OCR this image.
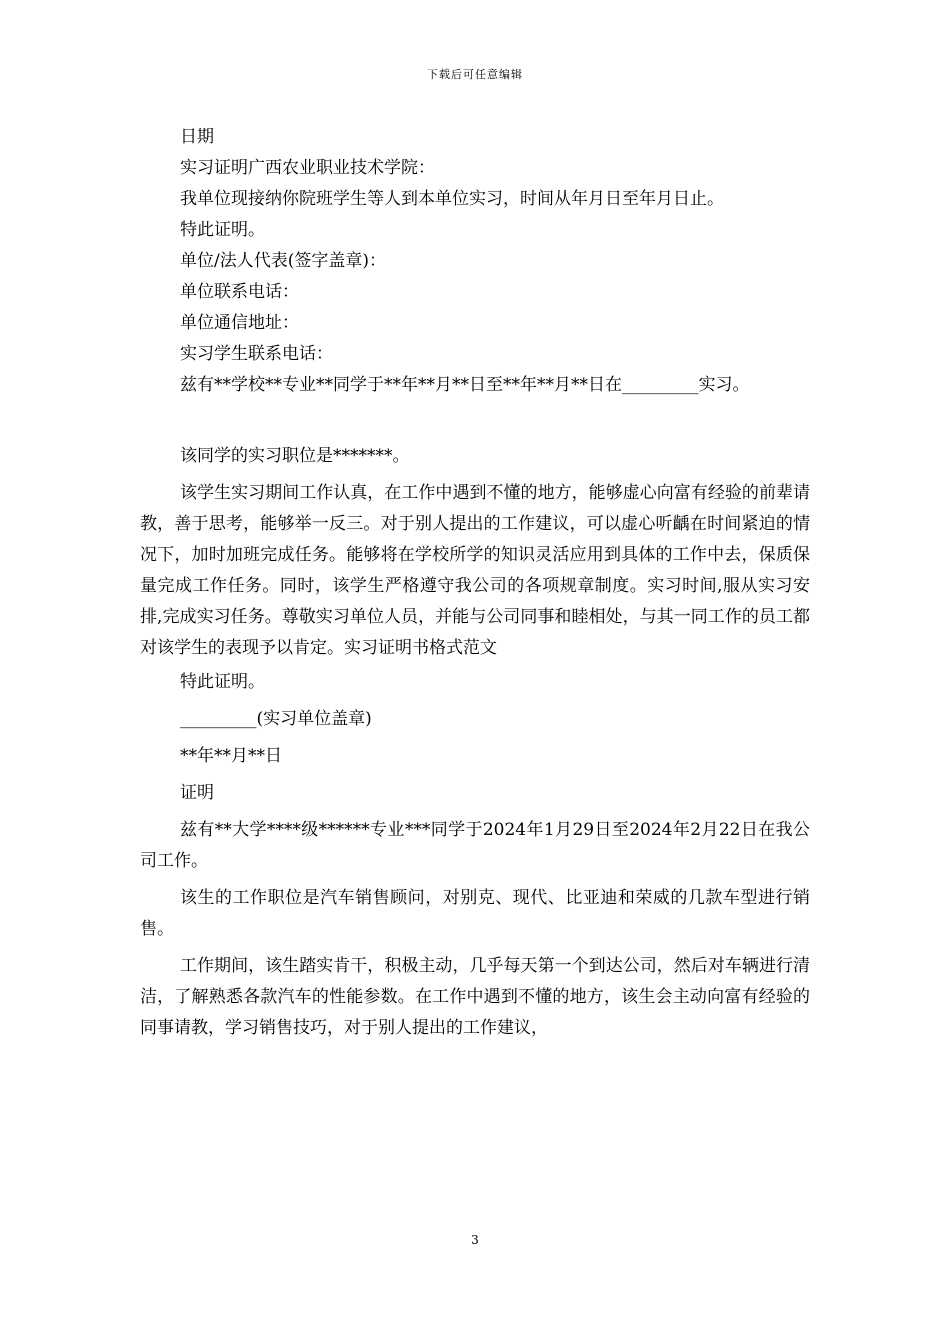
下载后可任意编辑
日期
实习证明广西农业职业技术学院：
我单位现接纳你院班学生等人到本单位实习，时间从年月日至年月日止。
特此证明。
单位/法人代表(签字盖章)：
单位联系电话：
单位通信地址：
实习学生联系电话：
兹有**学校**专业**同学于**年**月**日至**年**月**日在_________实习。
该同学的实习职位是*******。

该学生实习期间工作认真，在工作中遇到不懂的地方，能够虚心向富有经验的前辈请教，善于思考，能够举一反三。对于别人提出的工作建议，可以虚心听齲在时间紧迫的情况下，加时加班完成任务。能够将在学校所学的知识灵活应用到具体的工作中去，保质保量完成工作任务。同时，该学生严格遵守我公司的各项规章制度。实习时间,服从实习安排,完成实习任务。尊敬实习单位人员，并能与公司同事和睦相处，与其一同工作的员工都对该学生的表现予以肯定。实习证明书格式范文

特此证明。
_________(实习单位盖章)
**年**月**日
证明

兹有**大学****级******专业***同学于2024年1月29日至2024年2月22日在我公司工作。

该生的工作职位是汽车销售顾问，对别克、现代、比亚迪和荣威的几款车型进行销售。

工作期间，该生踏实肯干，积极主动，几乎每天第一个到达公司，然后对车辆进行清洁，了解熟悉各款汽车的性能参数。在工作中遇到不懂的地方，该生会主动向富有经验的同事请教，学习销售技巧，对于别人提出的工作建议，

3
